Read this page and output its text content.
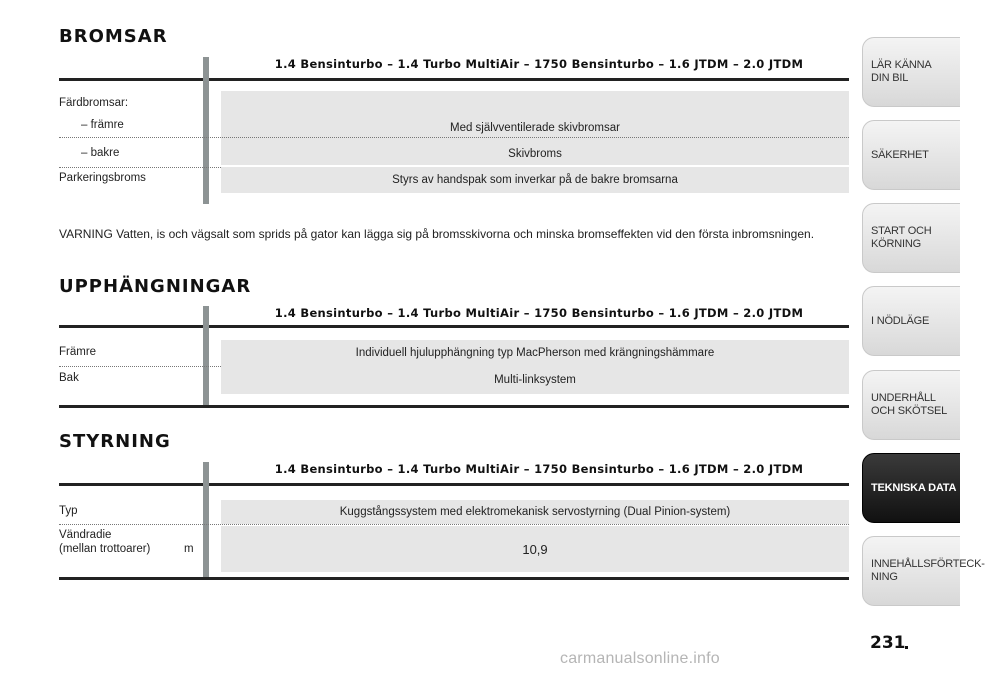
BROMSAR
1.4 Bensinturbo – 1.4 Turbo MultiAir – 1750 Bensinturbo – 1.6 JTDM – 2.0 JTDM
Färdbromsar:
Med självventilerade skivbromsar
– främre
Skivbroms
– bakre
Styrs av handspak som inverkar på de bakre bromsarna
Parkeringsbroms

VARNING Vatten, is och vägsalt som sprids på gator kan lägga sig på bromsskivorna och minska bromseffekten vid den första inbromsningen.

UPPHÄNGNINGAR
1.4 Bensinturbo – 1.4 Turbo MultiAir – 1750 Bensinturbo – 1.6 JTDM – 2.0 JTDM
Individuell hjulupphängning typ MacPherson med krängningshämmare
Främre
Multi-linksystem
Bak
STYRNING
1.4 Bensinturbo – 1.4 Turbo MultiAir – 1750 Bensinturbo – 1.6 JTDM – 2.0 JTDM
Kuggstångssystem med elektromekanisk servostyrning (Dual Pinion-system)
Typ
10,9
Vändradie
(mellan trottoarer)	m
LÄR KÄNNA
DIN BIL
SÄKERHET
START OCH
KÖRNING
I NÖDLÄGE
UNDERHÅLL
OCH SKÖTSEL
TEKNISKA DATA
INNEHÅLLSFÖRTECK-
NING
231
carmanualsonline.info
